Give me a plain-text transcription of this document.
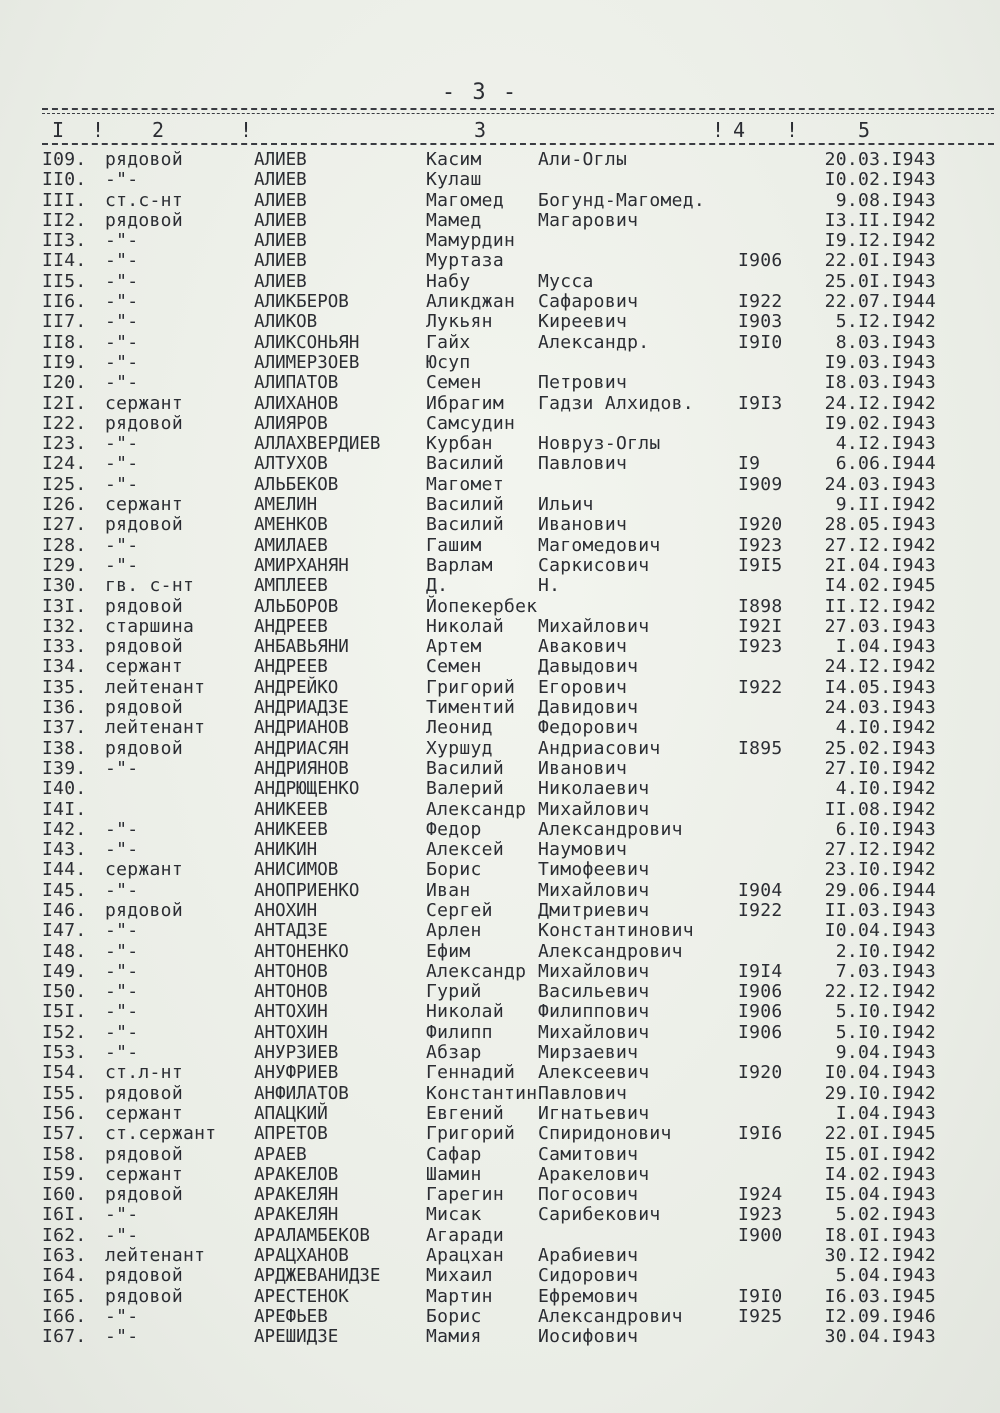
- 3 -
I ! 2	!	3	! 4 !	5
I09. рядовой	АЛИЕВ	Касим	Али-Оглы	20.03.I943
II0. -"-	АЛИЕВ	Кулаш	I0.02.I943
III. ст.с-нт	АЛИЕВ	Магомед Богунд-Магомед.	9.08.I943
II2. рядовой	АЛИЕВ	Мамед	Магарович	I3.II.I942
II3. -"-	АЛИЕВ	Мамурдин	I9.I2.I942
II4. -"-	АЛИЕВ	Муртаза	I906	22.0I.I943
II5. -"-	АЛИЕВ	Набу	Мусса	25.0I.I943
II6. -"-	АЛИКБЕРОВ	Аликджан Сафарович	I922	22.07.I944
II7. -"-	АЛИКОВ	Лукьян	Киреевич	I903	5.I2.I942
II8. -"-	АЛИКСОНЬЯН	Гайх	Александр.	I9I0	8.03.I943
II9. -"-	АЛИМЕРЗОЕВ	Юсуп	I9.03.I943
I20. -"-	АЛИПАТОВ	Семен	Петрович	I8.03.I943
I2I. сержант	АЛИХАНОВ	Ибрагим Гадзи Алхидов. I9I3	24.I2.I942
I22. рядовой	АЛИЯРОВ	Самсудин	I9.02.I943
I23. -"-	АЛЛАХВЕРДИЕВ	Курбан	Новруз-Оглы	4.I2.I943
I24. -"-	АЛТУХОВ	Василий Павлович	I9	6.06.I944
I25. -"-	АЛЬБЕКОВ	Магомет	I909	24.03.I943
I26. сержант	АМЕЛИН	Василий Ильич	9.II.I942
I27. рядовой	АМЕНКОВ	Василий Иванович	I920	28.05.I943
I28. -"-	АМИЛАЕВ	Гашим	Магомедович	I923	27.I2.I942
I29. -"-	АМИРХАНЯН	Варлам	Саркисович	I9I5	2I.04.I943
I30. гв. с-нт	АМПЛЕЕВ	Д.	Н.	I4.02.I945
I3I. рядовой	АЛЬБОРОВ	Йопекербек	I898	II.I2.I942
I32. старшина	АНДРЕЕВ	Николай Михайлович	I92I	27.03.I943
I33. рядовой	АНБАВЬЯНИ	Артем	Авакович	I923	I.04.I943
I34. сержант	АНДРЕЕВ	Семен	Давыдович	24.I2.I942
I35. лейтенант	АНДРЕЙКО	Григорий Егорович	I922	I4.05.I943
I36. рядовой	АНДРИАДЗЕ	Тиментий Давидович	24.03.I943
I37. лейтенант	АНДРИАНОВ	Леонид	Федорович	4.I0.I942
I38. рядовой	АНДРИАСЯН	Хуршуд	Андриасович	I895	25.02.I943
I39. -"-	АНДРИЯНОВ	Василий Иванович	27.I0.I942
I40.	АНДРЮЩЕНКО	Валерий Николаевич	4.I0.I942
I4I.	АНИКЕЕВ	Александр Михайлович	II.08.I942
I42. -"-	АНИКЕЕВ	Федор	Александрович	6.I0.I943
I43. -"-	АНИКИН	Алексей Наумович	27.I2.I942
I44. сержант	АНИСИМОВ	Борис	Тимофеевич	23.I0.I942
I45. -"-	АНОПРИЕНКО	Иван	Михайлович	I904	29.06.I944
I46. рядовой	АНОХИН	Сергей	Дмитриевич	I922	II.03.I943
I47. -"-	АНТАДЗЕ	Арлен	Константинович	I0.04.I943
I48. -"-	АНТОНЕНКО	Ефим	Александрович	2.I0.I942
I49. -"-	АНТОНОВ	Александр Михайлович	I9I4	7.03.I943
I50. -"-	АНТОНОВ	Гурий	Васильевич	I906	22.I2.I942
I5I. -"-	АНТОХИН	Николай Филиппович	I906	5.I0.I942
I52. -"-	АНТОХИН	Филипп	Михайлович	I906	5.I0.I942
I53. -"-	АНУРЗИЕВ	Абзар	Мирзаевич	9.04.I943
I54. ст.л-нт	АНУФРИЕВ	Геннадий Алексеевич	I920	I0.04.I943
I55. рядовой	АНФИЛАТОВ	Константин Павлович	29.I0.I942
I56. сержант	АПАЦКИЙ	Евгений Игнатьевич	I.04.I943
I57. ст.сержант АПРЕТОВ	Григорий Спиридонович	I9I6	22.0I.I945
I58. рядовой	АРАЕВ	Сафар	Самитович	I5.0I.I942
I59. сержант	АРАКЕЛОВ	Шамин	Аракелович	I4.02.I943
I60. рядовой	АРАКЕЛЯН	Гарегин Погосович	I924	I5.04.I943
I6I. -"-	АРАКЕЛЯН	Мисак	Сарибекович	I923	5.02.I943
I62. -"-	АРАЛАМБЕКОВ	Агаради	I900	I8.0I.I943
I63. лейтенант	АРАЦХАНОВ	Арацхан Арабиевич	30.I2.I942
I64. рядовой	АРДЖЕВАНИДЗЕ	Михаил	Сидорович	5.04.I943
I65. рядовой	АРЕСТЕНОК	Мартин	Ефремович	I9I0	I6.03.I945
I66. -"-	АРЕФЬЕВ	Борис	Александрович	I925	I2.09.I946
I67. -"-	АРЕШИДЗЕ	Мамия	Иосифович	30.04.I943
